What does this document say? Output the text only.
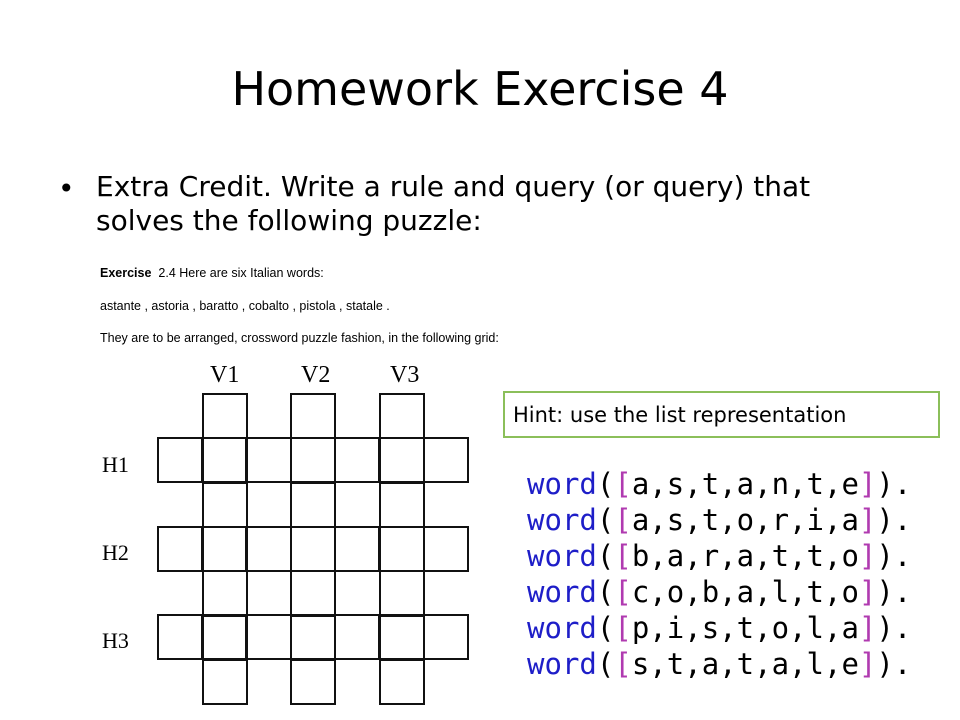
Homework Exercise 4
• Extra Credit. Write a rule and query (or query) that solves the following puzzle:
Exercise 2.4 Here are six Italian words:
astante , astoria , baratto , cobalto , pistola , statale .
They are to be arranged, crossword puzzle fashion, in the following grid:
V1	V2 V3
H1
H2
H3
Hint: use the list representation
word([a,s,t,a,n,t,e]).
word([a,s,t,o,r,i,a]).
word([b,a,r,a,t,t,o]).
word([c,o,b,a,l,t,o]).
word([p,i,s,t,o,l,a]).
word([s,t,a,t,a,l,e]).
